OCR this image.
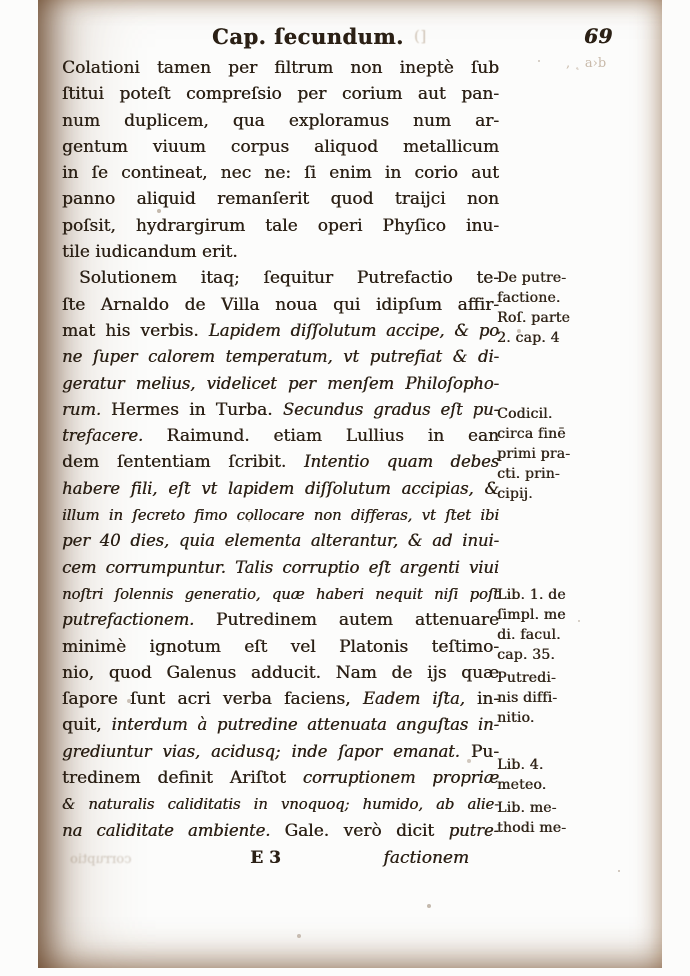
Cap. ſecundum. (]	69
, ˛ a›b
Colationi tamen per filtrum non ineptè ſub
ſtitui poteſt compreſsio per corium aut pan-
num duplicem, qua exploramus num ar-
gentum viuum corpus aliquod metallicum
in ſe contineat, nec ne: ſi enim in corio aut
panno aliquid remanſerit quod traijci non
poſsit, hydrargirum tale operi Phyſico inu-
tile iudicandum erit.
Solutionem itaq; ſequitur Putrefactio te-
ſte Arnaldo de Villa noua qui idipſum affir-
mat his verbis. Lapidem diſſolutum accipe, & po
ne ſuper calorem temperatum, vt putrefiat & di-
geratur melius, videlicet per menſem Philoſopho-
rum. Hermes in Turba. Secundus gradus eſt pu-
trefacere. Raimund. etiam Lullius in ean
dem ſententiam ſcribit. Intentio quam debes
habere fili, eſt vt lapidem diſſolutum accipias, &
illum in ſecreto fimo collocare non differas, vt ſtet ibi
per 40 dies, quia elementa alterantur, & ad inui-
cem corrumpuntur. Talis corruptio eſt argenti viui
noſtri ſolennis generatio, quæ haberi nequit niſi poſt
putrefactionem. Putredinem autem attenuare
minimè ignotum eſt vel Platonis teſtimo-
nio, quod Galenus adducit. Nam de ijs quæ
ſapore ſunt acri verba faciens, Eadem iſta, in-
quit, interdum à putredine attenuata anguſtas in-
grediuntur vias, acidusq; inde ſapor emanat. Pu-
tredinem definit Ariſtot corruptionem propriæ
& naturalis caliditatis in vnoquoq; humido, ab alie-
na caliditate ambiente. Gale. verò dicit putre-
De putre-
factione.
Roſ. parte
2. cap. 4
Codicil.
circa finē
primi pra-
cti. prin-
cipij.
Lib. 1. de
ſimpl. me
di. facul.
cap. 35.
Putredi-
nis diffi-
nitio.
Lib. 4.
meteo.
Lib. me-
thodi me-
corruptio	E 3	factionem
